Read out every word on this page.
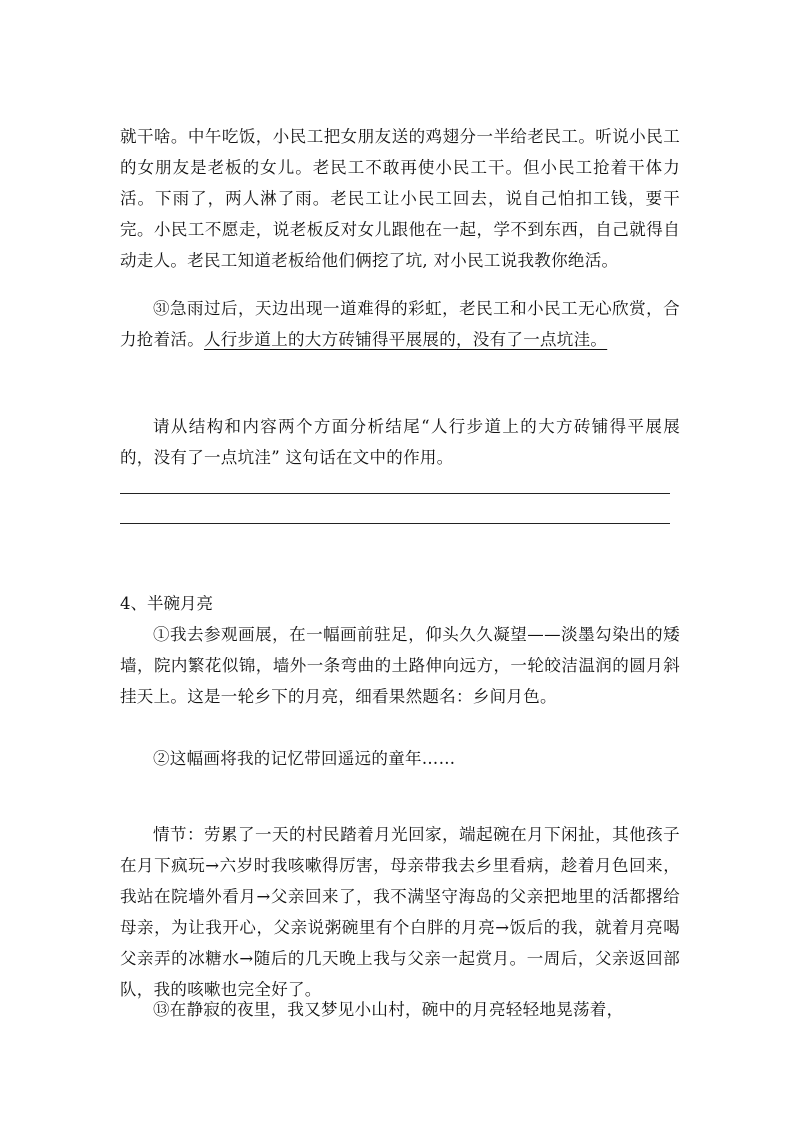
就干啥。中午吃饭，小民工把女朋友送的鸡翅分一半给老民工。听说小民工的女朋友是老板的女儿。老民工不敢再使小民工干。但小民工抢着干体力活。下雨了，两人淋了雨。老民工让小民工回去，说自己怕扣工钱，要干完。小民工不愿走，说老板反对女儿跟他在一起，学不到东西，自己就得自动走人。老民工知道老板给他们俩挖了坑, 对小民工说我教你绝活。

㉛急雨过后，天边出现一道难得的彩虹，老民工和小民工无心欣赏，合力抢着活。人行步道上的大方砖铺得平展展的，没有了一点坑洼。

请从结构和内容两个方面分析结尾“人行步道上的大方砖铺得平展展的，没有了一点坑洼” 这句话在文中的作用。

4、半碗月亮

①我去参观画展，在一幅画前驻足，仰头久久凝望——淡墨勾染出的矮墙，院内繁花似锦，墙外一条弯曲的土路伸向远方，一轮皎洁温润的圆月斜挂天上。这是一轮乡下的月亮，细看果然题名：乡间月色。

②这幅画将我的记忆带回遥远的童年……

情节：劳累了一天的村民踏着月光回家，端起碗在月下闲扯，其他孩子在月下疯玩→六岁时我咳嗽得厉害，母亲带我去乡里看病，趁着月色回来，我站在院墙外看月→父亲回来了，我不满坚守海岛的父亲把地里的活都撂给母亲，为让我开心，父亲说粥碗里有个白胖的月亮→饭后的我，就着月亮喝父亲弄的冰糖水→随后的几天晚上我与父亲一起赏月。一周后，父亲返回部队，我的咳嗽也完全好了。

⑬在静寂的夜里，我又梦见小山村，碗中的月亮轻轻地晃荡着，
